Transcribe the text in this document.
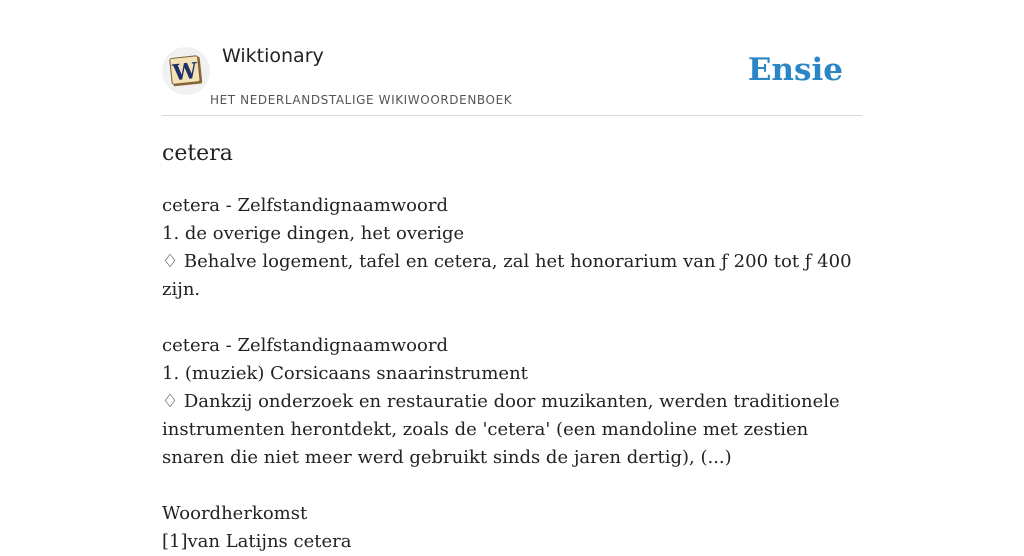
W
Wiktionary
HET NEDERLANDSTALIGE WIKIWOORDENBOEK
Ensie
cetera
cetera - Zelfstandignaamwoord
1. de overige dingen, het overige
♢ Behalve logement, tafel en cetera, zal het honorarium van ƒ 200 tot ƒ 400 zijn.
cetera - Zelfstandignaamwoord
1. (muziek) Corsicaans snaarinstrument
♢ Dankzij onderzoek en restauratie door muzikanten, werden traditionele instrumenten herontdekt, zoals de 'cetera' (een mandoline met zestien snaren die niet meer werd gebruikt sinds de jaren dertig), (...)
Woordherkomst
[1]van Latijns cetera
